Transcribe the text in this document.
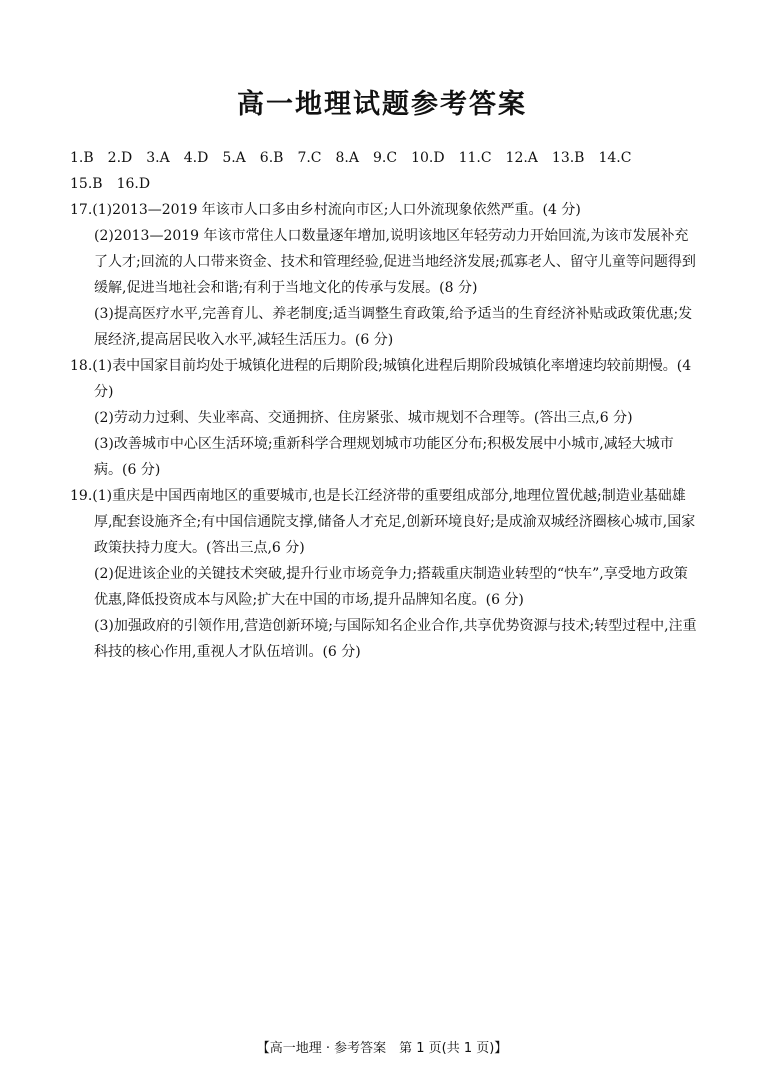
高一地理试题参考答案
1.B 2.D 3.A 4.D 5.A 6.B 7.C 8.A 9.C 10.D 11.C 12.A 13.B 14.C
15.B 16.D
17.(1)2013—2019 年该市人口多由乡村流向市区;人口外流现象依然严重。(4 分)
(2)2013—2019 年该市常住人口数量逐年增加,说明该地区年轻劳动力开始回流,为该市发展补充了人才;回流的人口带来资金、技术和管理经验,促进当地经济发展;孤寡老人、留守儿童等问题得到缓解,促进当地社会和谐;有利于当地文化的传承与发展。(8 分)
(3)提高医疗水平,完善育儿、养老制度;适当调整生育政策,给予适当的生育经济补贴或政策优惠;发展经济,提高居民收入水平,减轻生活压力。(6 分)
18.(1)表中国家目前均处于城镇化进程的后期阶段;城镇化进程后期阶段城镇化率增速均较前期慢。(4 分)
(2)劳动力过剩、失业率高、交通拥挤、住房紧张、城市规划不合理等。(答出三点,6 分)
(3)改善城市中心区生活环境;重新科学合理规划城市功能区分布;积极发展中小城市,减轻大城市病。(6 分)
19.(1)重庆是中国西南地区的重要城市,也是长江经济带的重要组成部分,地理位置优越;制造业基础雄厚,配套设施齐全;有中国信通院支撑,储备人才充足,创新环境良好;是成渝双城经济圈核心城市,国家政策扶持力度大。(答出三点,6 分)
(2)促进该企业的关键技术突破,提升行业市场竞争力;搭载重庆制造业转型的“快车”,享受地方政策优惠,降低投资成本与风险;扩大在中国的市场,提升品牌知名度。(6 分)
(3)加强政府的引领作用,营造创新环境;与国际知名企业合作,共享优势资源与技术;转型过程中,注重科技的核心作用,重视人才队伍培训。(6 分)
【高一地理 · 参考答案　第 1 页(共 1 页)】
